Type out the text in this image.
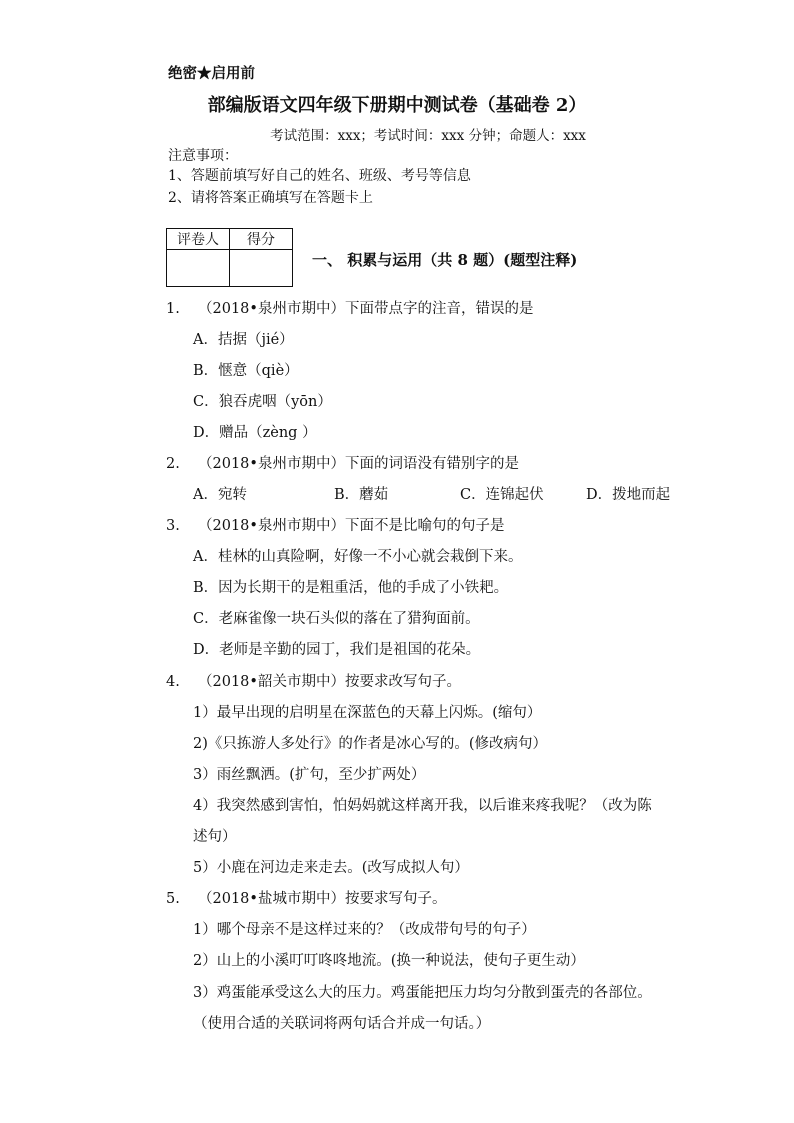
绝密★启用前
部编版语文四年级下册期中测试卷（基础卷 2）
考试范围：xxx；考试时间：xxx 分钟；命题人：xxx
注意事项：
1、答题前填写好自己的姓名、班级、考号等信息
2、请将答案正确填写在答题卡上
评卷人	得分

一、 积累与运用（共 8 题）(题型注释)
1. （2018•泉州市期中）下面带点字的注音，错误的是
A．拮据（jié）
B．惬意（qiè）
C．狼吞虎咽（yōn）
D．赠品（zèng ）
2. （2018•泉州市期中）下面的词语没有错别字的是
A．宛转	B．蘑茹	C．连锦起伏	D．拨地而起
3. （2018•泉州市期中）下面不是比喻句的句子是
A．桂林的山真险啊，好像一不小心就会栽倒下来。
B．因为长期干的是粗重活，他的手成了小铁耙。
C．老麻雀像一块石头似的落在了猎狗面前。
D．老师是辛勤的园丁，我们是祖国的花朵。
4. （2018•韶关市期中）按要求改写句子。
1）最早出现的启明星在深蓝色的天幕上闪烁。(缩句）
2)《只拣游人多处行》的作者是冰心写的。(修改病句）
3）雨丝飘洒。(扩句，至少扩两处）
4）我突然感到害怕，怕妈妈就这样离开我，以后谁来疼我呢？（改为陈
述句）
5）小鹿在河边走来走去。(改写成拟人句）
5. （2018•盐城市期中）按要求写句子。
1）哪个母亲不是这样过来的？（改成带句号的句子）
2）山上的小溪叮叮咚咚地流。(换一种说法，使句子更生动）
3）鸡蛋能承受这么大的压力。鸡蛋能把压力均匀分散到蛋壳的各部位。
（使用合适的关联词将两句话合并成一句话。）
